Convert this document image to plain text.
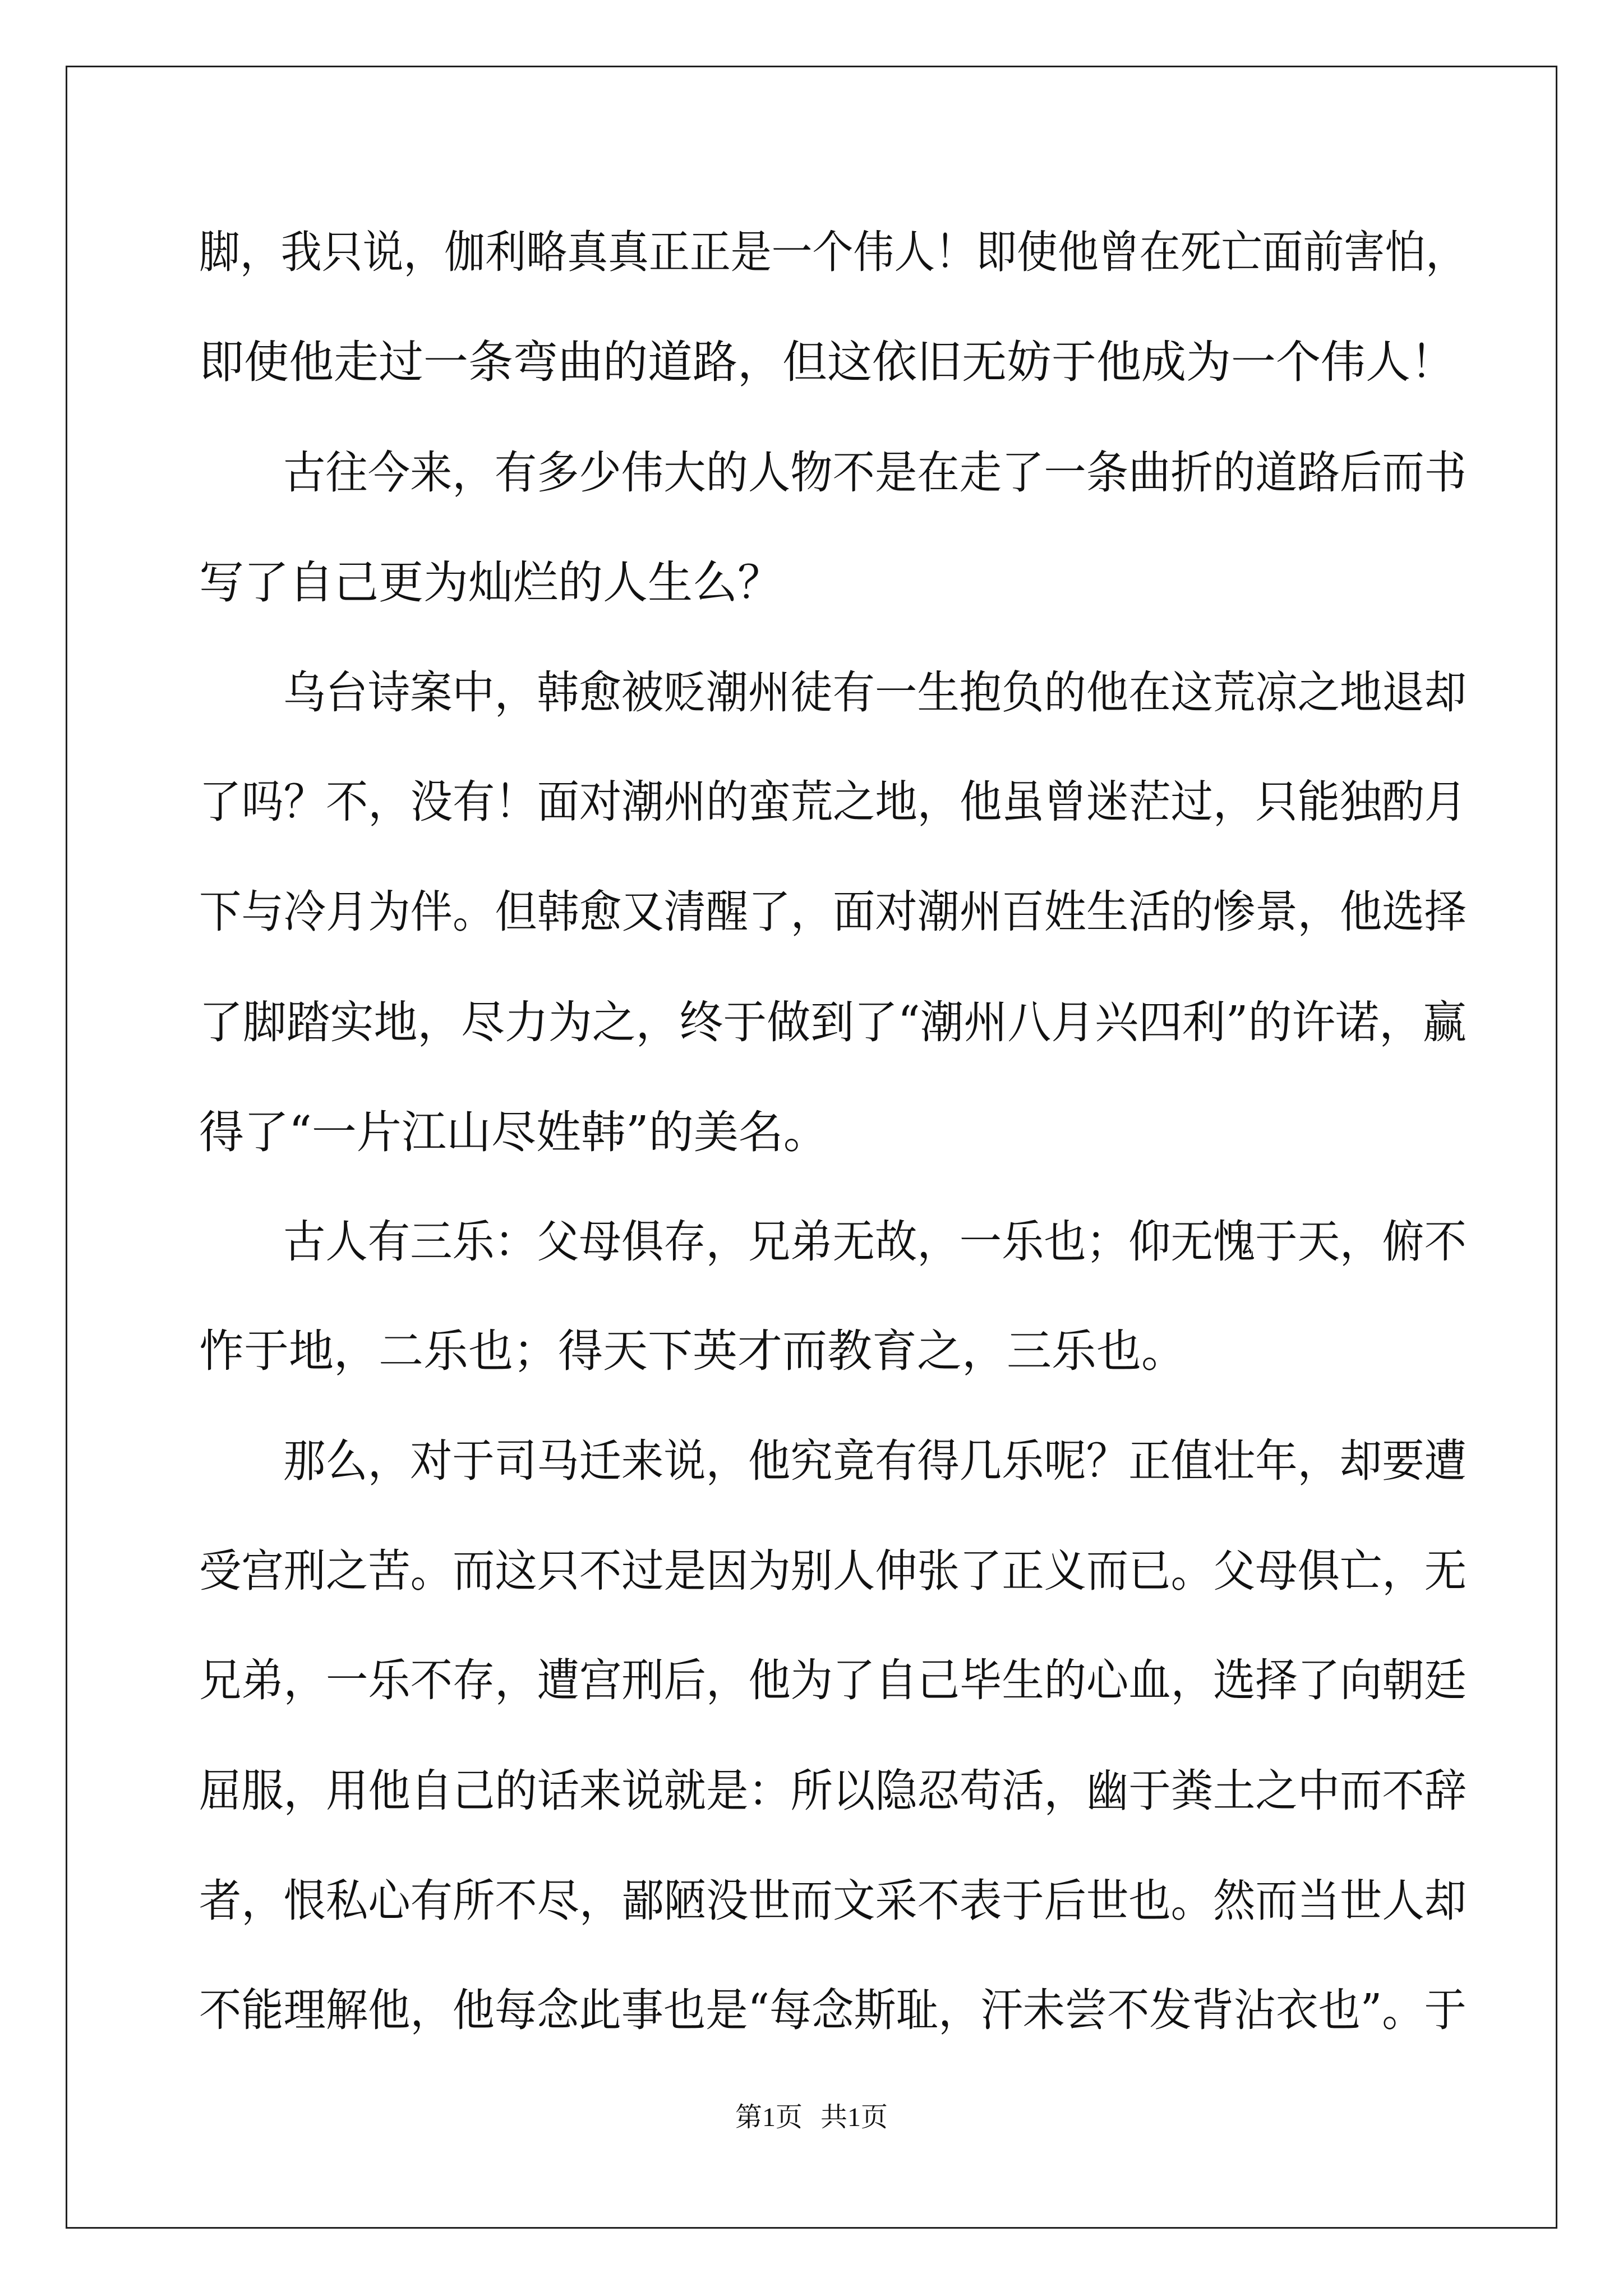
脚，我只说，伽利略真真正正是一个伟人！即使他曾在死亡面前害怕，
即使他走过一条弯曲的道路，但这依旧无妨于他成为一个伟人！
古往今来，有多少伟大的人物不是在走了一条曲折的道路后而书
写了自己更为灿烂的人生么？
乌台诗案中，韩愈被贬潮州徒有一生抱负的他在这荒凉之地退却
了吗？不，没有！面对潮州的蛮荒之地，他虽曾迷茫过，只能独酌月
下与冷月为伴。但韩愈又清醒了，面对潮州百姓生活的惨景，他选择
了脚踏实地，尽力为之，终于做到了“潮州八月兴四利”的许诺，赢
得了“一片江山尽姓韩”的美名。
古人有三乐：父母俱存，兄弟无故，一乐也；仰无愧于天，俯不
怍于地，二乐也；得天下英才而教育之，三乐也。
那么，对于司马迁来说，他究竟有得几乐呢？正值壮年，却要遭
受宫刑之苦。而这只不过是因为别人伸张了正义而已。父母俱亡，无
兄弟，一乐不存，遭宫刑后，他为了自己毕生的心血，选择了向朝廷
屈服，用他自己的话来说就是：所以隐忍苟活，幽于粪土之中而不辞
者，恨私心有所不尽，鄙陋没世而文采不表于后世也。然而当世人却
不能理解他，他每念此事也是“每念斯耻，汗未尝不发背沾衣也”。于
第1页 共1页
